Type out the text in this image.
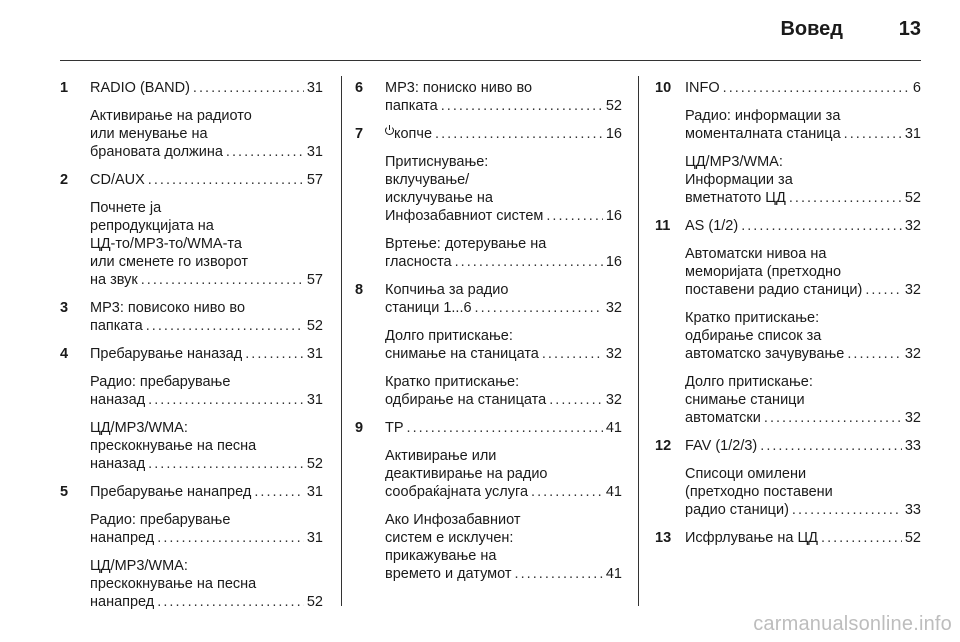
Вовед	13
1 RADIO (BAND) . . .	31
Активирање на радиото
или менување на
брановата должина . . .	31
2 CD/AUX . . .	57
Почнете ја
репродукцијата на
ЦД-то/MP3-то/WMA-та
или сменете го изворот
на звук . . .	57
3 MP3: повисоко ниво во
папката . . .	52
4 Пребарување наназад . . .	31
Радио: пребарување
наназад . . .	31
ЦД/MP3/WMA:
прескокнување на песна
наназад . . .	52
5 Пребарување нанапред . . .	31
Радио: пребарување
нанапред . . .	31
ЦД/MP3/WMA:
прескокнување на песна
нанапред . . .	52
6 MP3: пониско ниво во
папката . . .	52
7 копче . . .	16
Притиснување:
вклучување/
исклучување на
Инфозабавниот систем . . .	16
Вртење: дотерување на
гласноста . . .	16
8 Копчиња за радио
станици 1...6 . . .	32
Долго притискање:
снимање на станицата . . .	32
Кратко притискање:
одбирање на станицата . . .	32
9 TP . . .	41
Активирање или
деактивирање на радио
сообраќајната услуга . . .	41
Ако Инфозабавниот
систем е исклучен:
прикажување на
времето и датумот . . .	41
10 INFO . . .	6
Радио: информации за
моменталната станица . . .	31
ЦД/MP3/WMA:
Информации за
вметнатото ЦД . . .	52
11 AS (1/2) . . .	32
Автоматски нивоа на
меморијата (претходно
поставени радио станици) . . .	32
Кратко притискање:
одбирање список за
автоматско зачувување . . .	32
Долго притискање:
снимање станици
автоматски . . .	32
12 FAV (1/2/3) . . .	33
Списоци омилени
(претходно поставени
радио станици) . . .	33
13 Исфрлување на ЦД . . .	52
carmanualsonline.info
